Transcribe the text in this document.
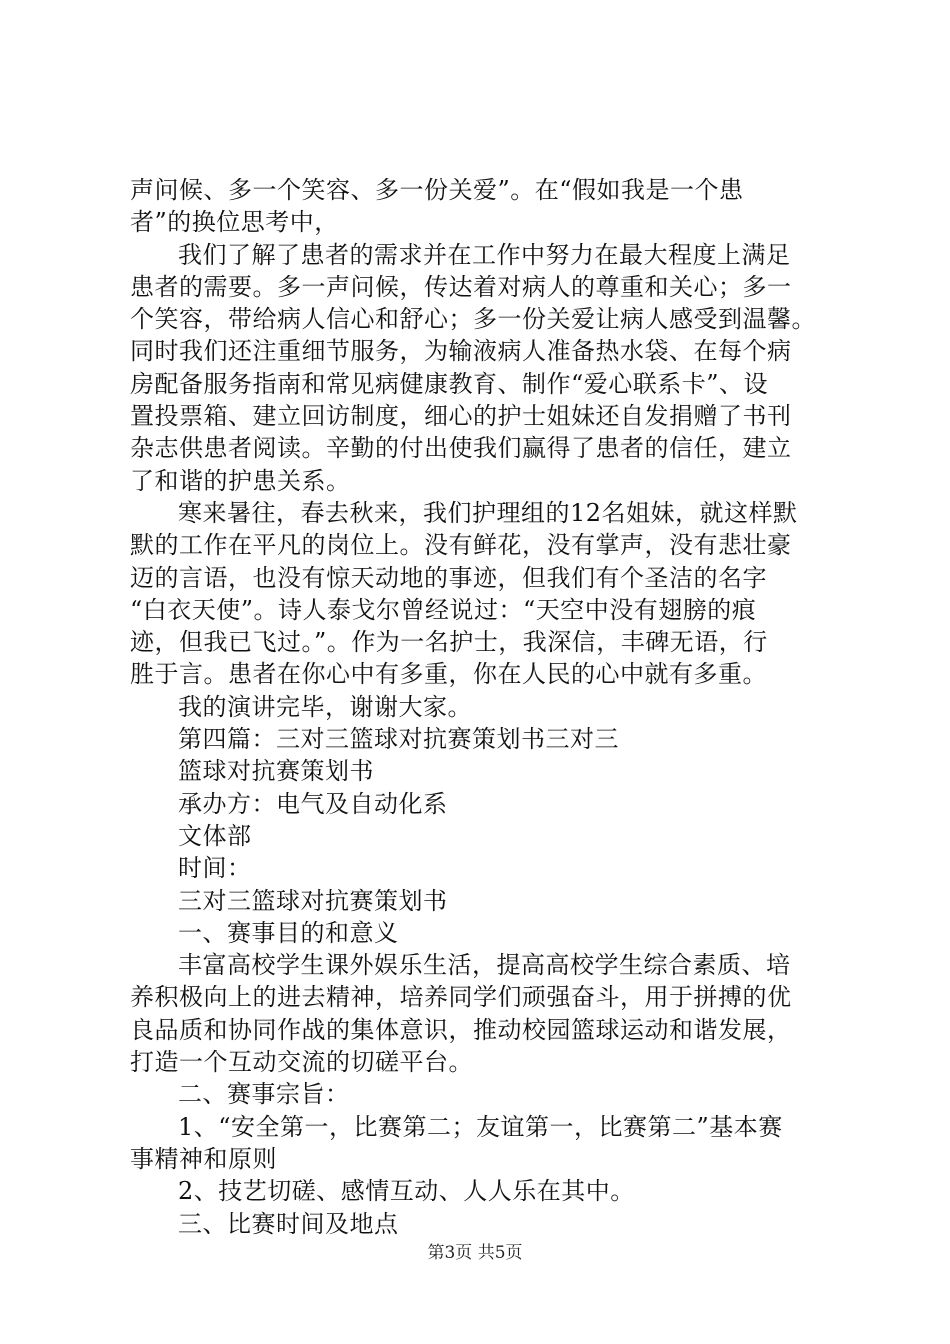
声问候、多一个笑容、多一份关爱”。在“假如我是一个患
者”的换位思考中，
我们了解了患者的需求并在工作中努力在最大程度上满足
患者的需要。多一声问候，传达着对病人的尊重和关心；多一
个笑容，带给病人信心和舒心；多一份关爱让病人感受到温馨。
同时我们还注重细节服务，为输液病人准备热水袋、在每个病
房配备服务指南和常见病健康教育、制作“爱心联系卡”、设
置投票箱、建立回访制度，细心的护士姐妹还自发捐赠了书刊
杂志供患者阅读。辛勤的付出使我们赢得了患者的信任，建立
了和谐的护患关系。
寒来暑往，春去秋来，我们护理组的12名姐妹，就这样默
默的工作在平凡的岗位上。没有鲜花，没有掌声，没有悲壮豪
迈的言语，也没有惊天动地的事迹，但我们有个圣洁的名字
“白衣天使”。诗人泰戈尔曾经说过：“天空中没有翅膀的痕
迹，但我已飞过。”。作为一名护士，我深信，丰碑无语，行
胜于言。患者在你心中有多重，你在人民的心中就有多重。
我的演讲完毕，谢谢大家。
第四篇：三对三篮球对抗赛策划书三对三
篮球对抗赛策划书
承办方：电气及自动化系
文体部
时间：
三对三篮球对抗赛策划书
一、赛事目的和意义
丰富高校学生课外娱乐生活，提高高校学生综合素质、培
养积极向上的进去精神，培养同学们顽强奋斗，用于拼搏的优
良品质和协同作战的集体意识，推动校园篮球运动和谐发展，
打造一个互动交流的切磋平台。
二、赛事宗旨：
1、“安全第一，比赛第二；友谊第一，比赛第二”基本赛
事精神和原则
2、技艺切磋、感情互动、人人乐在其中。
三、比赛时间及地点
第3页 共5页
